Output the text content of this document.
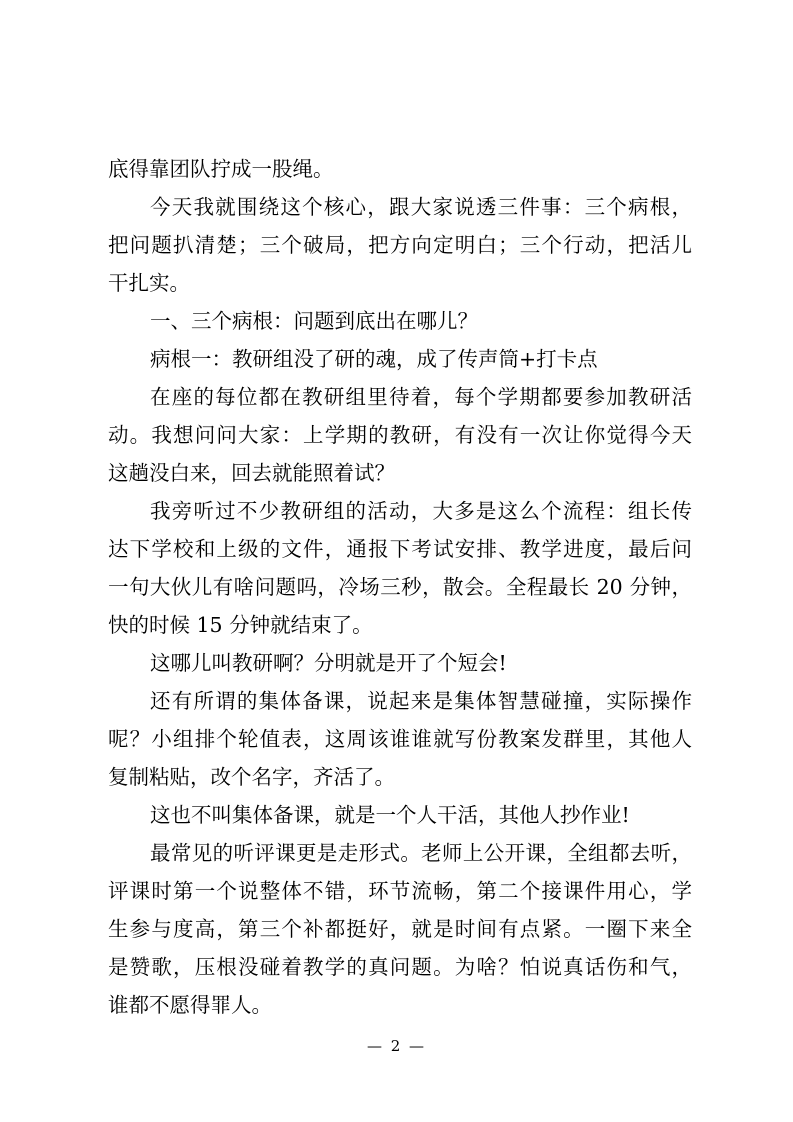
底得靠团队拧成一股绳。
今天我就围绕这个核心，跟大家说透三件事：三个病根，
把问题扒清楚；三个破局，把方向定明白；三个行动，把活儿
干扎实。
一、三个病根：问题到底出在哪儿？
病根一：教研组没了研的魂，成了传声筒+打卡点
在座的每位都在教研组里待着，每个学期都要参加教研活
动。我想问问大家：上学期的教研，有没有一次让你觉得今天
这趟没白来，回去就能照着试？
我旁听过不少教研组的活动，大多是这么个流程：组长传
达下学校和上级的文件，通报下考试安排、教学进度，最后问
一句大伙儿有啥问题吗，冷场三秒，散会。全程最长 20 分钟，
快的时候 15 分钟就结束了。
这哪儿叫教研啊？分明就是开了个短会!
还有所谓的集体备课，说起来是集体智慧碰撞，实际操作
呢？小组排个轮值表，这周该谁谁就写份教案发群里，其他人
复制粘贴，改个名字，齐活了。
这也不叫集体备课，就是一个人干活，其他人抄作业!
最常见的听评课更是走形式。老师上公开课，全组都去听，
评课时第一个说整体不错，环节流畅，第二个接课件用心，学
生参与度高，第三个补都挺好，就是时间有点紧。一圈下来全
是赞歌，压根没碰着教学的真问题。为啥？怕说真话伤和气，
谁都不愿得罪人。
— 2 —
